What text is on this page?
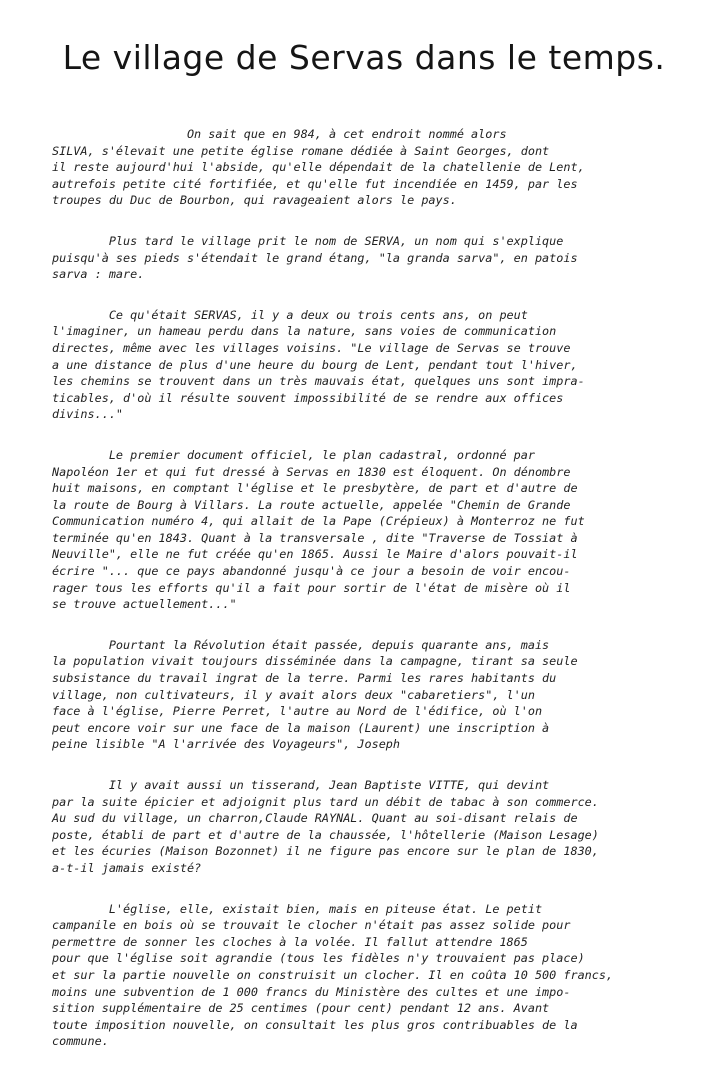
Le village de Servas dans le temps.
On sait que en 984, à cet endroit nommé alors
SILVA, s'élevait une petite église romane dédiée à Saint Georges, dont
il reste aujourd'hui l'abside, qu'elle dépendait de la chatellenie de Lent,
autrefois petite cité fortifiée, et qu'elle fut incendiée en 1459, par les
troupes du Duc de Bourbon, qui ravageaient alors le pays.
Plus tard le village prit le nom de SERVA, un nom qui s'explique
puisqu'à ses pieds s'étendait le grand étang, "la granda sarva", en patois
sarva : mare.
Ce qu'était SERVAS, il y a deux ou trois cents ans, on peut
l'imaginer, un hameau perdu dans la nature, sans voies de communication
directes, même avec les villages voisins. "Le village de Servas se trouve
a une distance de plus d'une heure du bourg de Lent, pendant tout l'hiver,
les chemins se trouvent dans un très mauvais état, quelques uns sont impra-
ticables, d'où il résulte souvent impossibilité de se rendre aux offices
divins..."
Le premier document officiel, le plan cadastral, ordonné par
Napoléon 1er et qui fut dressé à Servas en 1830 est éloquent. On dénombre
huit maisons, en comptant l'église et le presbytère, de part et d'autre de
la route de Bourg à Villars. La route actuelle, appelée "Chemin de Grande
Communication numéro 4, qui allait de la Pape (Crépieux) à Monterroz ne fut
terminée qu'en 1843. Quant à la transversale , dite "Traverse de Tossiat à
Neuville", elle ne fut créée qu'en 1865. Aussi le Maire d'alors pouvait-il
écrire "... que ce pays abandonné jusqu'à ce jour a besoin de voir encou-
rager tous les efforts qu'il a fait pour sortir de l'état de misère où il
se trouve actuellement..."
Pourtant la Révolution était passée, depuis quarante ans, mais
la population vivait toujours disséminée dans la campagne, tirant sa seule
subsistance du travail ingrat de la terre. Parmi les rares habitants du
village, non cultivateurs, il y avait alors deux "cabaretiers", l'un
face à l'église, Pierre Perret, l'autre au Nord de l'édifice, où l'on
peut encore voir sur une face de la maison (Laurent) une inscription à
peine lisible "A l'arrivée des Voyageurs", Joseph
Il y avait aussi un tisserand, Jean Baptiste VITTE, qui devint
par la suite épicier et adjoignit plus tard un débit de tabac à son commerce.
Au sud du village, un charron,Claude RAYNAL. Quant au soi-disant relais de
poste, établi de part et d'autre de la chaussée, l'hôtellerie (Maison Lesage)
et les écuries (Maison Bozonnet) il ne figure pas encore sur le plan de 1830,
a-t-il jamais existé?
L'église, elle, existait bien, mais en piteuse état. Le petit
campanile en bois où se trouvait le clocher n'était pas assez solide pour
permettre de sonner les cloches à la volée. Il fallut attendre 1865
pour que l'église soit agrandie (tous les fidèles n'y trouvaient pas place)
et sur la partie nouvelle on construisit un clocher. Il en coûta 10 500 francs,
moins une subvention de 1 000 francs du Ministère des cultes et une impo-
sition supplémentaire de 25 centimes (pour cent) pendant 12 ans. Avant
toute imposition nouvelle, on consultait les plus gros contribuables de la
commune.
